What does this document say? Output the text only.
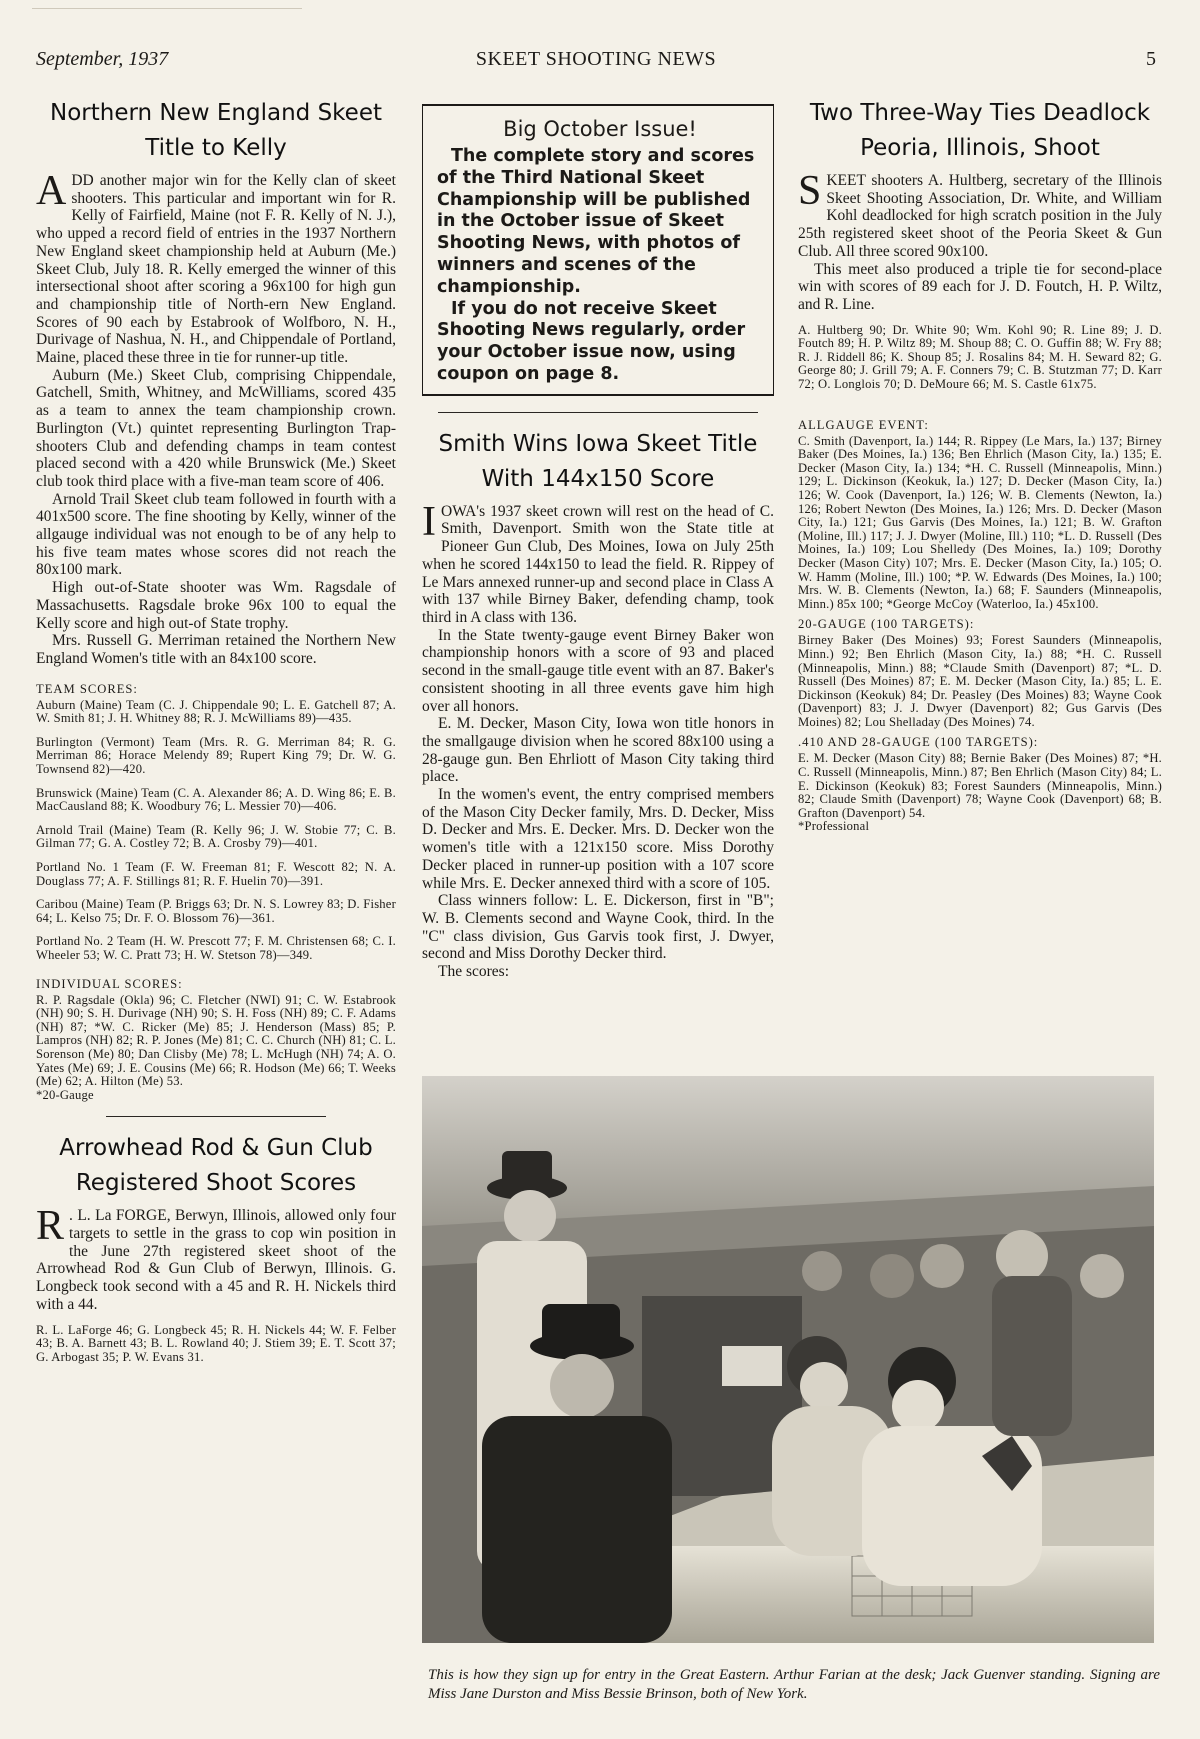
September, 1937	SKEET SHOOTING NEWS	5
Northern New England Skeet Title to Kelly

ADD another major win for the Kelly clan of skeet shooters. This particular and important win for R. Kelly of Fairfield, Maine (not F. R. Kelly of N. J.), who upped a record field of entries in the 1937 Northern New England skeet championship held at Auburn (Me.) Skeet Club, July 18. R. Kelly emerged the winner of this intersectional shoot after scoring a 96x100 for high gun and championship title of North-ern New England. Scores of 90 each by Estabrook of Wolfboro, N. H., Durivage of Nashua, N. H., and Chippendale of Portland, Maine, placed these three in tie for runner-up title.

Auburn (Me.) Skeet Club, comprising Chippendale, Gatchell, Smith, Whitney, and McWilliams, scored 435 as a team to annex the team championship crown. Burlington (Vt.) quintet representing Burlington Trap-shooters Club and defending champs in team contest placed second with a 420 while Brunswick (Me.) Skeet club took third place with a five-man team score of 406.

Arnold Trail Skeet club team followed in fourth with a 401x500 score. The fine shooting by Kelly, winner of the allgauge individual was not enough to be of any help to his five team mates whose scores did not reach the 80x100 mark.

High out-of-State shooter was Wm. Ragsdale of Massachusetts. Ragsdale broke 96x 100 to equal the Kelly score and high out-of State trophy.

Mrs. Russell G. Merriman retained the Northern New England Women's title with an 84x100 score.

TEAM SCORES:

Auburn (Maine) Team (C. J. Chippendale 90; L. E. Gatchell 87; A. W. Smith 81; J. H. Whitney 88; R. J. McWilliams 89)—435.

Burlington (Vermont) Team (Mrs. R. G. Merriman 84; R. G. Merriman 86; Horace Melendy 89; Rupert King 79; Dr. W. G. Townsend 82)—420.

Brunswick (Maine) Team (C. A. Alexander 86; A. D. Wing 86; E. B. MacCausland 88; K. Woodbury 76; L. Messier 70)—406.

Arnold Trail (Maine) Team (R. Kelly 96; J. W. Stobie 77; C. B. Gilman 77; G. A. Costley 72; B. A. Crosby 79)—401.

Portland No. 1 Team (F. W. Freeman 81; F. Wescott 82; N. A. Douglass 77; A. F. Stillings 81; R. F. Huelin 70)—391.

Caribou (Maine) Team (P. Briggs 63; Dr. N. S. Lowrey 83; D. Fisher 64; L. Kelso 75; Dr. F. O. Blossom 76)—361.

Portland No. 2 Team (H. W. Prescott 77; F. M. Christensen 68; C. I. Wheeler 53; W. C. Pratt 73; H. W. Stetson 78)—349.

INDIVIDUAL SCORES:

R. P. Ragsdale (Okla) 96; C. Fletcher (NWI) 91; C. W. Estabrook (NH) 90; S. H. Durivage (NH) 90; S. H. Foss (NH) 89; C. F. Adams (NH) 87; *W. C. Ricker (Me) 85; J. Henderson (Mass) 85; P. Lampros (NH) 82; R. P. Jones (Me) 81; C. C. Church (NH) 81; C. L. Sorenson (Me) 80; Dan Clisby (Me) 78; L. McHugh (NH) 74; A. O. Yates (Me) 69; J. E. Cousins (Me) 66; R. Hodson (Me) 66; T. Weeks (Me) 62; A. Hilton (Me) 53.

*20-Gauge

Arrowhead Rod & Gun Club Registered Shoot Scores

R . L. La FORGE, Berwyn, Illinois, allowed only four targets to settle in the grass to cop win position in the June 27th registered skeet shoot of the Arrowhead Rod & Gun Club of Berwyn, Illinois. G. Longbeck took second with a 45 and R. H. Nickels third with a 44.

R. L. LaForge 46; G. Longbeck 45; R. H. Nickels 44; W. F. Felber 43; B. A. Barnett 43; B. L. Rowland 40; J. Stiem 39; E. T. Scott 37; G. Arbogast 35; P. W. Evans 31.

Big October Issue!

The complete story and scores of the Third National Skeet Championship will be published in the October issue of Skeet Shooting News, with photos of winners and scenes of the championship.

If you do not receive Skeet Shooting News regularly, order your October issue now, using coupon on page 8.

Smith Wins Iowa Skeet Title With 144x150 Score

IOWA's 1937 skeet crown will rest on the head of C. Smith, Davenport. Smith won the State title at Pioneer Gun Club, Des Moines, Iowa on July 25th when he scored 144x150 to lead the field. R. Rippey of Le Mars annexed runner-up and second place in Class A with 137 while Birney Baker, defending champ, took third in A class with 136.

In the State twenty-gauge event Birney Baker won championship honors with a score of 93 and placed second in the small-gauge title event with an 87. Baker's consistent shooting in all three events gave him high over all honors.

E. M. Decker, Mason City, Iowa won title honors in the smallgauge division when he scored 88x100 using a 28-gauge gun. Ben Ehrliott of Mason City taking third place.

In the women's event, the entry comprised members of the Mason City Decker family, Mrs. D. Decker, Miss D. Decker and Mrs. E. Decker. Mrs. D. Decker won the women's title with a 121x150 score. Miss Dorothy Decker placed in runner-up position with a 107 score while Mrs. E. Decker annexed third with a score of 105.

Class winners follow: L. E. Dickerson, first in "B"; W. B. Clements second and Wayne Cook, third. In the "C" class division, Gus Garvis took first, J. Dwyer, second and Miss Dorothy Decker third.

The scores:

Two Three-Way Ties Deadlock Peoria, Illinois, Shoot

SKEET shooters A. Hultberg, secretary of the Illinois Skeet Shooting Association, Dr. White, and William Kohl deadlocked for high scratch position in the July 25th registered skeet shoot of the Peoria Skeet & Gun Club. All three scored 90x100.

This meet also produced a triple tie for second-place win with scores of 89 each for J. D. Foutch, H. P. Wiltz, and R. Line.

A. Hultberg 90; Dr. White 90; Wm. Kohl 90; R. Line 89; J. D. Foutch 89; H. P. Wiltz 89; M. Shoup 88; C. O. Guffin 88; W. Fry 88; R. J. Riddell 86; K. Shoup 85; J. Rosalins 84; M. H. Seward 82; G. George 80; J. Grill 79; A. F. Conners 79; C. B. Stutzman 77; D. Karr 72; O. Longlois 70; D. DeMoure 66; M. S. Castle 61x75.

ALLGAUGE EVENT:

C. Smith (Davenport, Ia.) 144; R. Rippey (Le Mars, Ia.) 137; Birney Baker (Des Moines, Ia.) 136; Ben Ehrlich (Mason City, Ia.) 135; E. Decker (Mason City, Ia.) 134; *H. C. Russell (Minneapolis, Minn.) 129; L. Dickinson (Keokuk, Ia.) 127; D. Decker (Mason City, Ia.) 126; W. Cook (Davenport, Ia.) 126; W. B. Clements (Newton, Ia.) 126; Robert Newton (Des Moines, Ia.) 126; Mrs. D. Decker (Mason City, Ia.) 121; Gus Garvis (Des Moines, Ia.) 121; B. W. Grafton (Moline, Ill.) 117; J. J. Dwyer (Moline, Ill.) 110; *L. D. Russell (Des Moines, Ia.) 109; Lou Shelledy (Des Moines, Ia.) 109; Dorothy Decker (Mason City) 107; Mrs. E. Decker (Mason City, Ia.) 105; O. W. Hamm (Moline, Ill.) 100; *P. W. Edwards (Des Moines, Ia.) 100; Mrs. W. B. Clements (Newton, Ia.) 68; F. Saunders (Minneapolis, Minn.) 85x 100; *George McCoy (Waterloo, Ia.) 45x100.

20-GAUGE (100 TARGETS):

Birney Baker (Des Moines) 93; Forest Saunders (Minneapolis, Minn.) 92; Ben Ehrlich (Mason City, Ia.) 88; *H. C. Russell (Minneapolis, Minn.) 88; *Claude Smith (Davenport) 87; *L. D. Russell (Des Moines) 87; E. M. Decker (Mason City, Ia.) 85; L. E. Dickinson (Keokuk) 84; Dr. Peasley (Des Moines) 83; Wayne Cook (Davenport) 83; J. J. Dwyer (Davenport) 82; Gus Garvis (Des Moines) 82; Lou Shelladay (Des Moines) 74.

.410 AND 28-GAUGE (100 TARGETS):

E. M. Decker (Mason City) 88; Bernie Baker (Des Moines) 87; *H. C. Russell (Minneapolis, Minn.) 87; Ben Ehrlich (Mason City) 84; L. E. Dickinson (Keokuk) 83; Forest Saunders (Minneapolis, Minn.) 82; Claude Smith (Davenport) 78; Wayne Cook (Davenport) 68; B. Grafton (Davenport) 54.

*Professional

This is how they sign up for entry in the Great Eastern. Arthur Farian at the desk; Jack Guenver standing. Signing are Miss Jane Durston and Miss Bessie Brinson, both of New York.
